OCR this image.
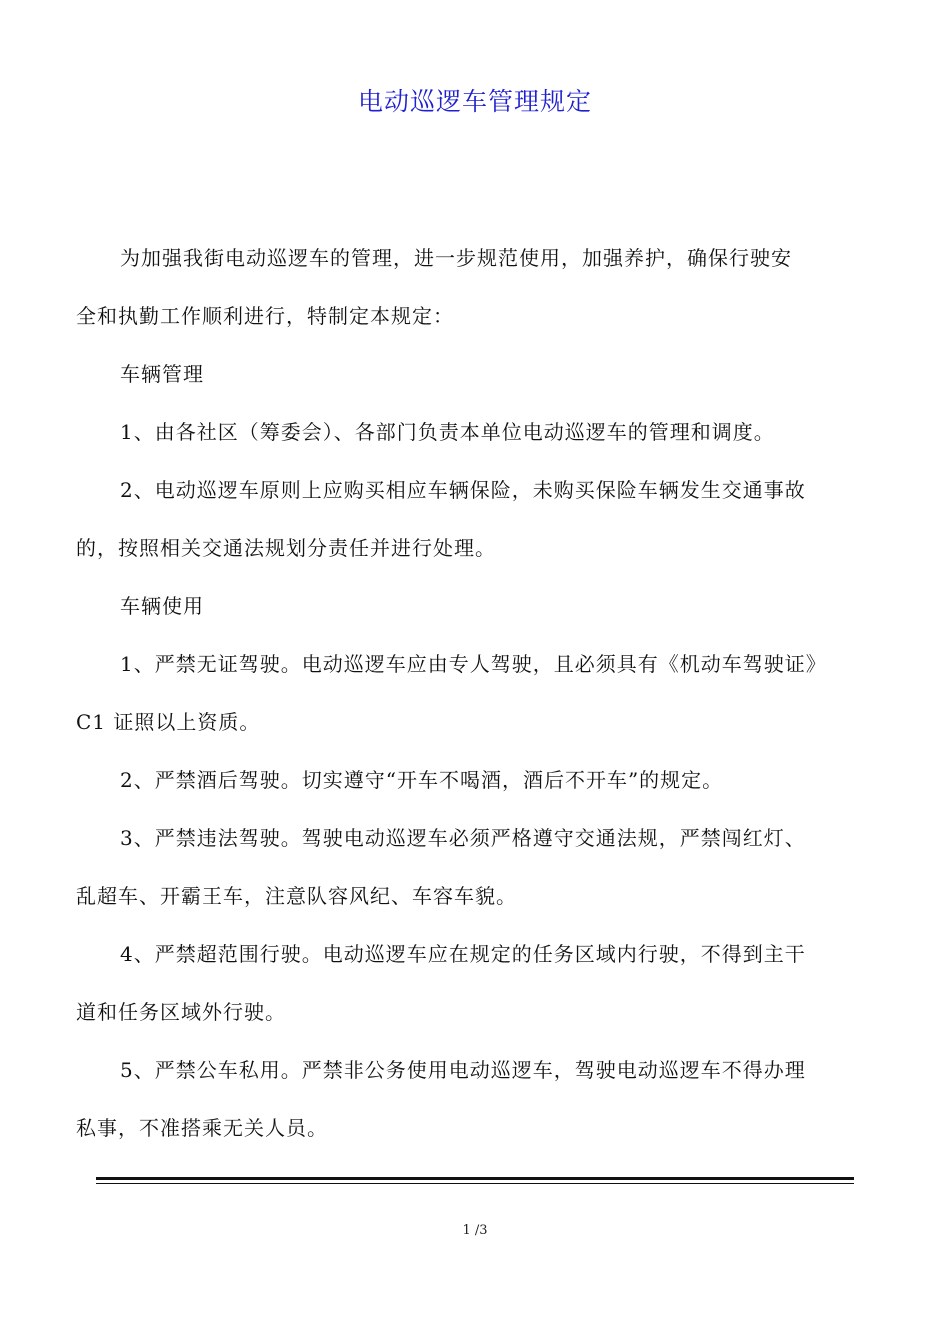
电动巡逻车管理规定

为加强我街电动巡逻车的管理，进一步规范使用，加强养护，确保行驶安
全和执勤工作顺利进行，特制定本规定：

车辆管理

1、由各社区（筹委会）、各部门负责本单位电动巡逻车的管理和调度。

2、电动巡逻车原则上应购买相应车辆保险，未购买保险车辆发生交通事故
的，按照相关交通法规划分责任并进行处理。

车辆使用

1、严禁无证驾驶。电动巡逻车应由专人驾驶，且必须具有《机动车驾驶证》
C1 证照以上资质。

2、严禁酒后驾驶。切实遵守“开车不喝酒，酒后不开车”的规定。

3、严禁违法驾驶。驾驶电动巡逻车必须严格遵守交通法规，严禁闯红灯、
乱超车、开霸王车，注意队容风纪、车容车貌。

4、严禁超范围行驶。电动巡逻车应在规定的任务区域内行驶，不得到主干
道和任务区域外行驶。

5、严禁公车私用。严禁非公务使用电动巡逻车，驾驶电动巡逻车不得办理
私事，不准搭乘无关人员。

1 /3
